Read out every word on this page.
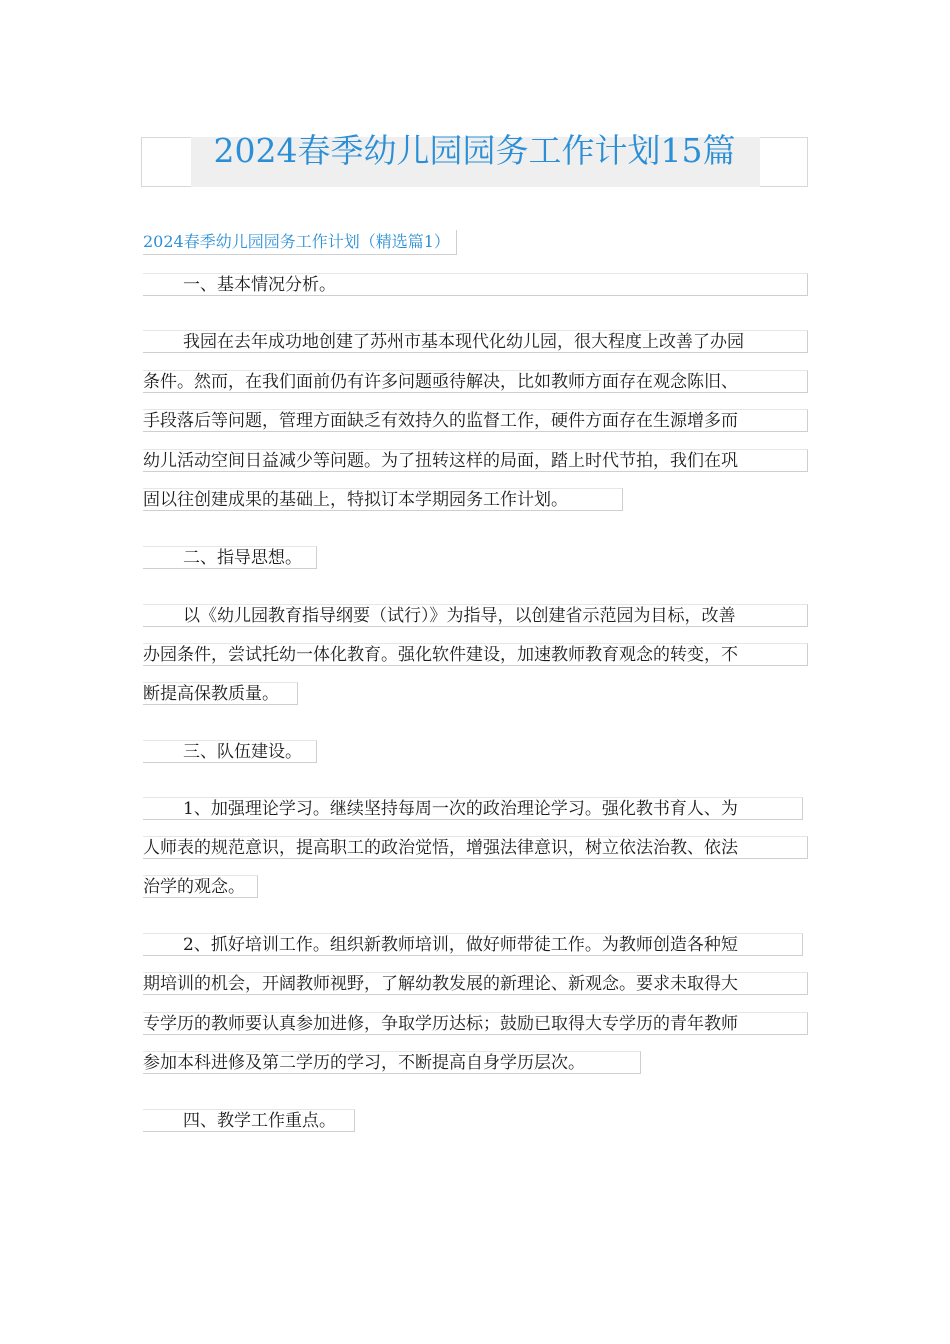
2024春季幼儿园园务工作计划15篇
2024春季幼儿园园务工作计划（精选篇1）
一、基本情况分析。
我园在去年成功地创建了苏州市基本现代化幼儿园，很大程度上改善了办园
条件。然而，在我们面前仍有许多问题亟待解决，比如教师方面存在观念陈旧、
手段落后等问题，管理方面缺乏有效持久的监督工作，硬件方面存在生源增多而
幼儿活动空间日益减少等问题。为了扭转这样的局面，踏上时代节拍，我们在巩
固以往创建成果的基础上，特拟订本学期园务工作计划。
二、指导思想。
以《幼儿园教育指导纲要（试行）》为指导，以创建省示范园为目标，改善
办园条件，尝试托幼一体化教育。强化软件建设，加速教师教育观念的转变，不
断提高保教质量。
三、队伍建设。
1、加强理论学习。继续坚持每周一次的政治理论学习。强化教书育人、为
人师表的规范意识，提高职工的政治觉悟，增强法律意识，树立依法治教、依法
治学的观念。
2、抓好培训工作。组织新教师培训，做好师带徒工作。为教师创造各种短
期培训的机会，开阔教师视野，了解幼教发展的新理论、新观念。要求未取得大
专学历的教师要认真参加进修，争取学历达标；鼓励已取得大专学历的青年教师
参加本科进修及第二学历的学习，不断提高自身学历层次。
四、教学工作重点。
